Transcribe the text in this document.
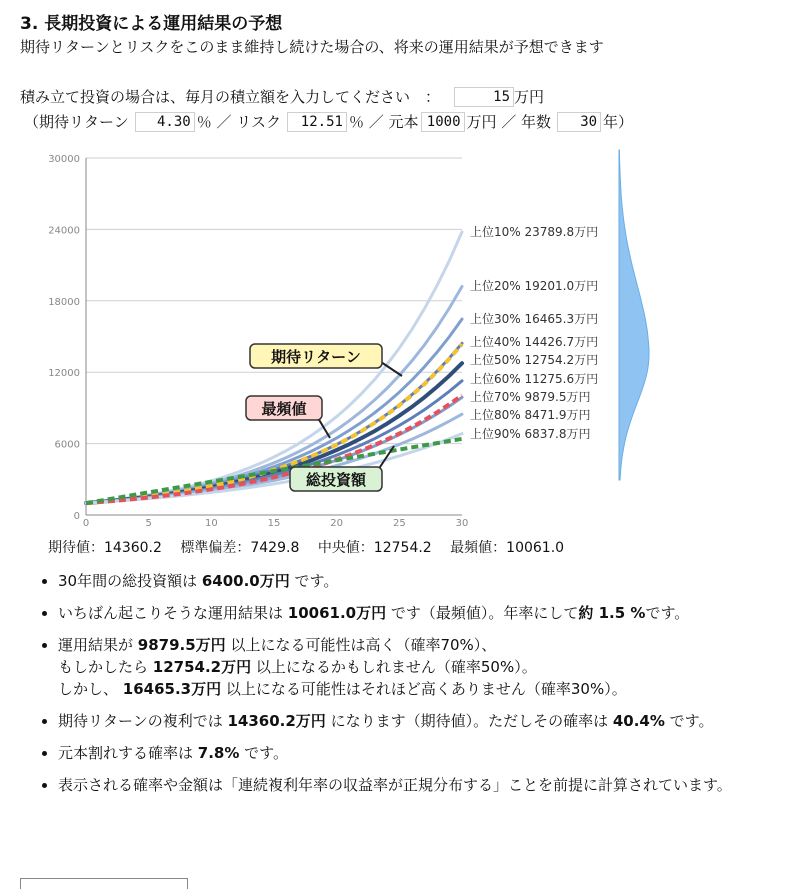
3. 長期投資による運用結果の予想
期待リターンとリスクをこのまま維持し続けた場合の、将来の運用結果が予想できます
積み立て投資の場合は、毎月の積立額を入力してください　：
15	万円
（期待リターン
4.30	％ ／ リスク
12.51	％ ／ 元本
1000	万円 ／ 年数
30	年）
0
6000
12000
18000
24000
30000
0	5	10	15	20	25	30
上位10% 23789.8万円
上位20% 19201.0万円
上位30% 16465.3万円
上位40% 14426.7万円
上位50% 12754.2万円
上位60% 11275.6万円
上位70% 9879.5万円
上位80% 8471.9万円
上位90% 6837.8万円
期待リターン
最頻値
総投資額
期待値：14360.2 標準偏差：7429.8 中央値：12754.2 最頻値：10061.0
• 30年間の総投資額は 6400.0万円 です。
• いちばん起こりそうな運用結果は 10061.0万円 です（最頻値）。年率にして約 1.5 %です。
• 運用結果が 9879.5万円 以上になる可能性は高く（確率70%）、
もしかしたら 12754.2万円 以上になるかもしれません（確率50%）。
しかし、 16465.3万円 以上になる可能性はそれほど高くありません（確率30%）。
• 期待リターンの複利では 14360.2万円 になります（期待値）。ただしその確率は 40.4% です。
• 元本割れする確率は 7.8% です。
• 表示される確率や金額は「連続複利年率の収益率が正規分布する」ことを前提に計算されています。
